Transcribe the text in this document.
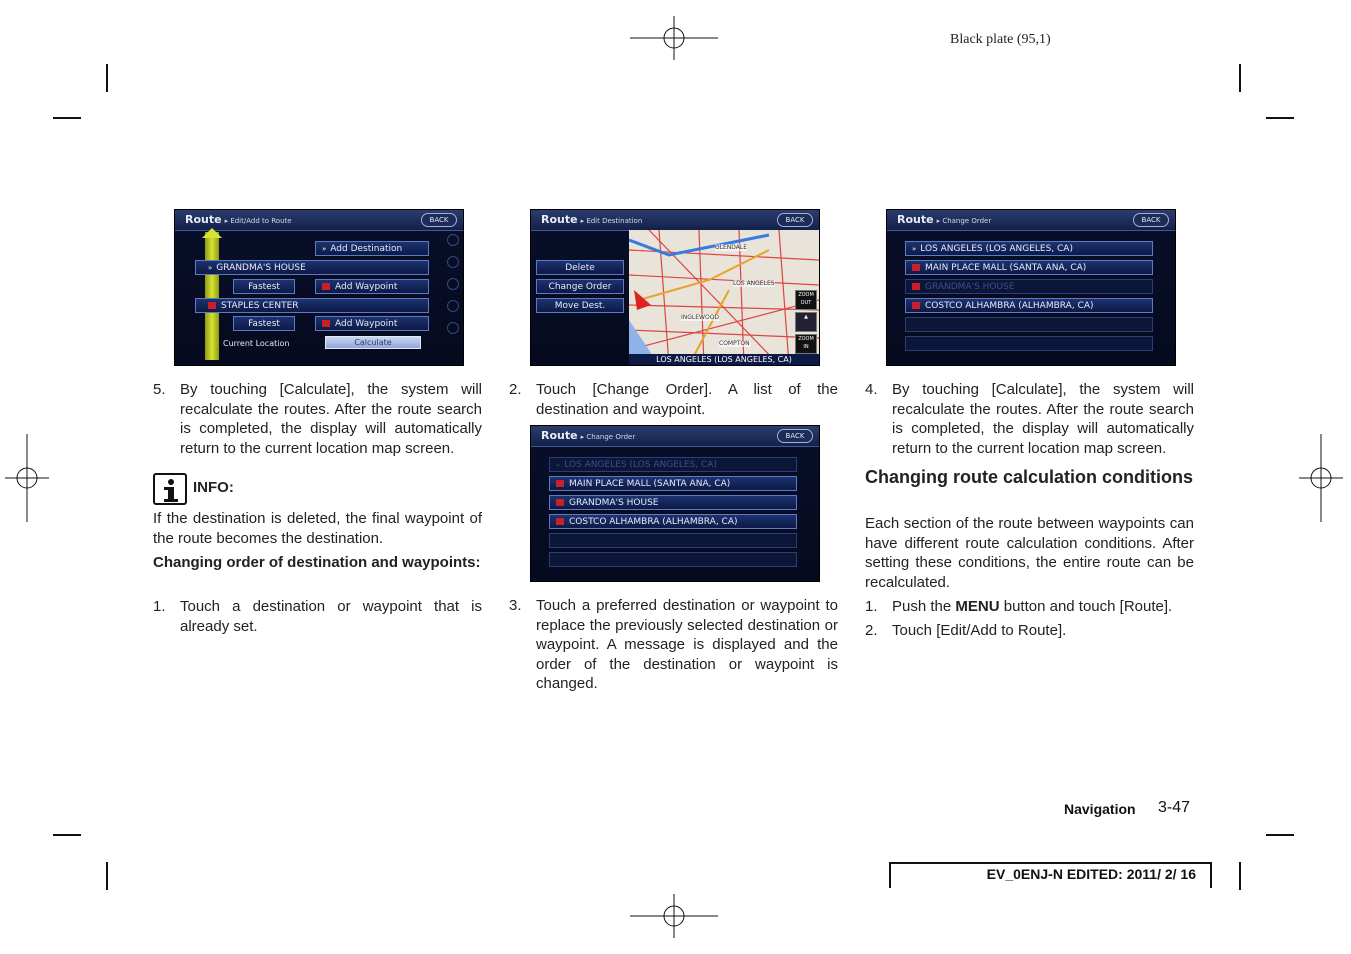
Black plate (95,1)
Route ▸ Edit/Add to Route	BACK
» Add Destination
» GRANDMA'S HOUSE
Fastest	Add Waypoint
STAPLES CENTER
Fastest	Add Waypoint
Current Location	Calculate
Route ▸ Edit Destination	BACK
Delete
Change Order
Move Dest.
GLENDALE
LOS ANGELES
INGLEWOOD
COMPTON
ZOOM OUT
▲
ZOOM IN
LOS ANGELES (LOS ANGELES, CA)
Route ▸ Change Order	BACK
» LOS ANGELES (LOS ANGELES, CA)
MAIN PLACE MALL (SANTA ANA, CA)
GRANDMA'S HOUSE
COSTCO ALHAMBRA (ALHAMBRA, CA)
Route ▸ Change Order	BACK
» LOS ANGELES (LOS ANGELES, CA)
MAIN PLACE MALL (SANTA ANA, CA)
GRANDMA'S HOUSE
COSTCO ALHAMBRA (ALHAMBRA, CA)
5. By touching [Calculate], the system will recalculate the routes. After the route search is completed, the display will automatically return to the current location map screen.
INFO:
If the destination is deleted, the final waypoint of the route becomes the destination.
Changing order of destination and waypoints:
1. Touch a destination or waypoint that is already set.
2. Touch [Change Order]. A list of the destination and waypoint.
3. Touch a preferred destination or waypoint to replace the previously selected destination or waypoint. A message is displayed and the order of the destination or waypoint is changed.
4. By touching [Calculate], the system will recalculate the routes. After the route search is completed, the display will automatically return to the current location map screen.
Changing route calculation conditions
Each section of the route between waypoints can have different route calculation conditions. After setting these conditions, the entire route can be recalculated.
1. Push the MENU button and touch [Route].
2. Touch [Edit/Add to Route].
Navigation 3-47
EV_0ENJ-N EDITED: 2011/ 2/ 16
